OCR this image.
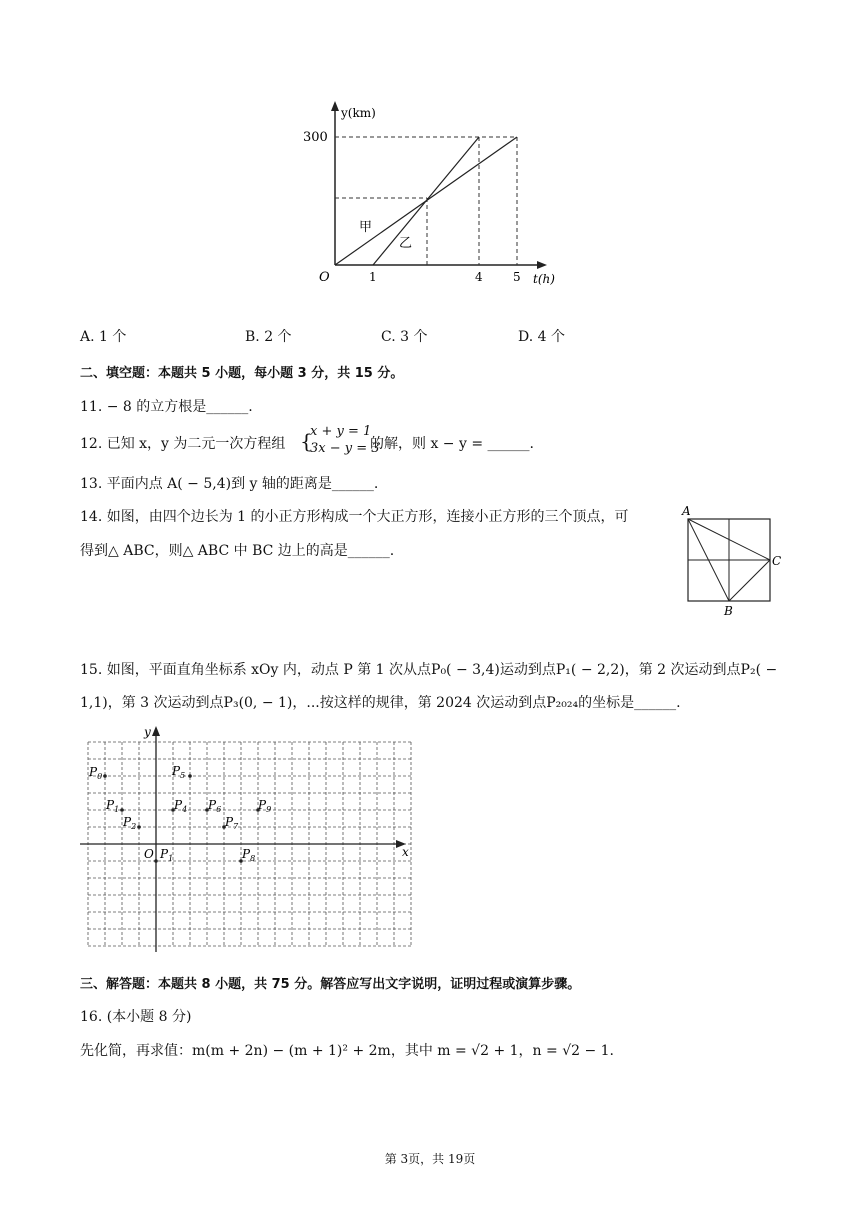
y(km)
t(h)
300
O	1	4	5
甲
乙
A. 1 个	B. 2 个	C. 3 个	D. 4 个
二、填空题：本题共 5 小题，每小题 3 分，共 15 分。
11. − 8 的立方根是______.
12. 已知 x，y 为二元一次方程组 {
x + y = 1
3x − y = 3
的解，则 x − y = ______.
13. 平面内点 A( − 5,4)到 y 轴的距离是______.
14. 如图，由四个边长为 1 的小正方形构成一个大正方形，连接小正方形的三个顶点，可
得到△ ABC，则△ ABC 中 BC 边上的高是______.
A
C
B
15. 如图，平面直角坐标系 xOy 内，动点 P 第 1 次从点P₀( − 3,4)运动到点P₁( − 2,2)，第 2 次运动到点P₂( −
1,1)，第 3 次运动到点P₃(0, − 1)，...按这样的规律，第 2024 次运动到点P₂₀₂₄的坐标是______.
x
y
O
$P_0$
$P_1$
$P_2$
$P_1$
$P_4$
$P_5$
$P_6$
$P_7$
$P_8$
$P_9$
三、解答题：本题共 8 小题，共 75 分。解答应写出文字说明，证明过程或演算步骤。
16. (本小题 8 分)
先化简，再求值：m(m + 2n) − (m + 1)² + 2m，其中 m = √2 + 1，n = √2 − 1.
第 3页，共 19页
